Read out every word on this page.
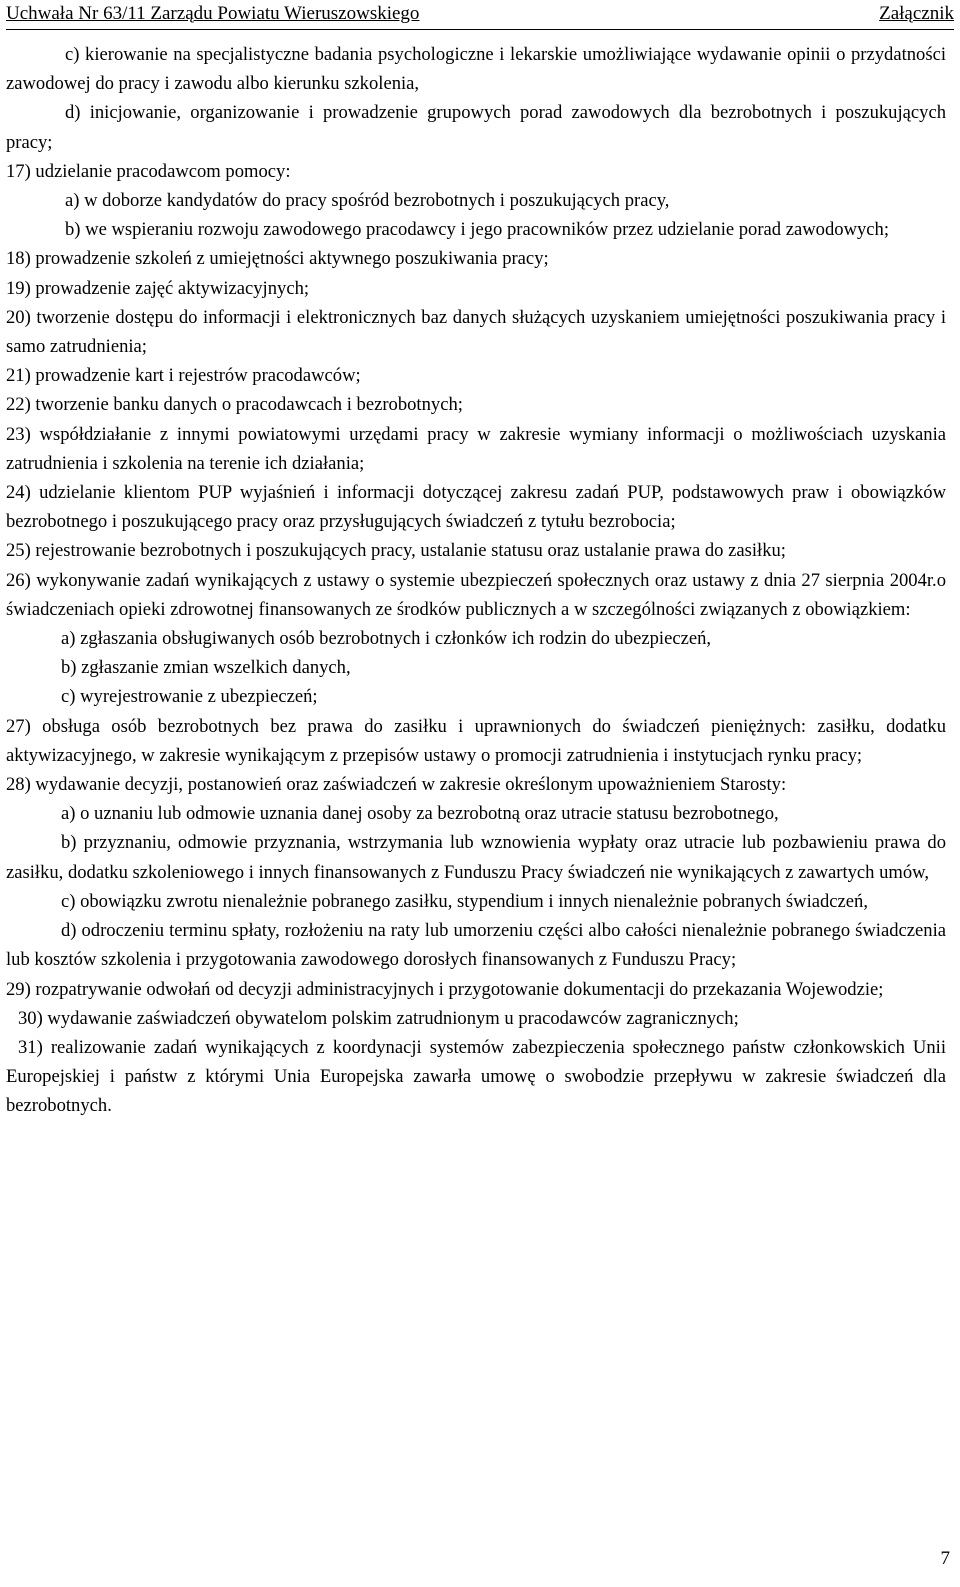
Uchwała Nr 63/11 Zarządu Powiatu Wieruszowskiego	Załącznik

c) kierowanie na specjalistyczne badania psychologiczne i lekarskie umożliwiające wydawanie opinii o przydatności zawodowej do pracy i zawodu albo kierunku szkolenia,

d) inicjowanie, organizowanie i prowadzenie grupowych porad zawodowych dla bezrobotnych i poszukujących pracy;

17) udzielanie pracodawcom pomocy:

a) w doborze kandydatów do pracy spośród bezrobotnych i poszukujących pracy,

b) we wspieraniu rozwoju zawodowego pracodawcy i jego pracowników przez udzielanie porad zawodowych;

18) prowadzenie szkoleń z umiejętności aktywnego poszukiwania pracy;

19) prowadzenie zajęć aktywizacyjnych;

20) tworzenie dostępu do informacji i elektronicznych baz danych służących uzyskaniem umiejętności poszukiwania pracy i samo zatrudnienia;

21) prowadzenie kart i rejestrów pracodawców;

22) tworzenie banku danych o pracodawcach i bezrobotnych;

23) współdziałanie z innymi powiatowymi urzędami pracy w zakresie wymiany informacji o możliwościach uzyskania zatrudnienia i szkolenia na terenie ich działania;

24) udzielanie klientom PUP wyjaśnień i informacji dotyczącej zakresu zadań PUP, podstawowych praw i obowiązków bezrobotnego i poszukującego pracy oraz przysługujących świadczeń z tytułu bezrobocia;

25) rejestrowanie bezrobotnych i poszukujących pracy, ustalanie statusu oraz ustalanie prawa do zasiłku;

26) wykonywanie zadań wynikających z ustawy o systemie ubezpieczeń społecznych oraz ustawy z dnia 27 sierpnia 2004r.o świadczeniach opieki zdrowotnej finansowanych ze środków publicznych a w szczególności związanych z obowiązkiem:

a) zgłaszania obsługiwanych osób bezrobotnych i członków ich rodzin do ubezpieczeń,

b) zgłaszanie zmian wszelkich danych,

c) wyrejestrowanie z ubezpieczeń;

27) obsługa osób bezrobotnych bez prawa do zasiłku i uprawnionych do świadczeń pieniężnych: zasiłku, dodatku aktywizacyjnego, w zakresie wynikającym z przepisów ustawy o promocji zatrudnienia i instytucjach rynku pracy;

28) wydawanie decyzji, postanowień oraz zaświadczeń w zakresie określonym upoważnieniem Starosty:

a) o uznaniu lub odmowie uznania danej osoby za bezrobotną oraz utracie statusu bezrobotnego,

b) przyznaniu, odmowie przyznania, wstrzymania lub wznowienia wypłaty oraz utracie lub pozbawieniu prawa do zasiłku, dodatku szkoleniowego i innych finansowanych z Funduszu Pracy świadczeń nie wynikających z zawartych umów,

c) obowiązku zwrotu nienależnie pobranego zasiłku, stypendium i innych nienależnie pobranych świadczeń,

d) odroczeniu terminu spłaty, rozłożeniu na raty lub umorzeniu części albo całości nienależnie pobranego świadczenia lub kosztów szkolenia i przygotowania zawodowego dorosłych finansowanych z Funduszu Pracy;

29) rozpatrywanie odwołań od decyzji administracyjnych i przygotowanie dokumentacji do przekazania Wojewodzie;

30) wydawanie zaświadczeń obywatelom polskim zatrudnionym u pracodawców zagranicznych;

31) realizowanie zadań wynikających z koordynacji systemów zabezpieczenia społecznego państw członkowskich Unii Europejskiej i państw z którymi Unia Europejska zawarła umowę o swobodzie przepływu w zakresie świadczeń dla bezrobotnych.

7
